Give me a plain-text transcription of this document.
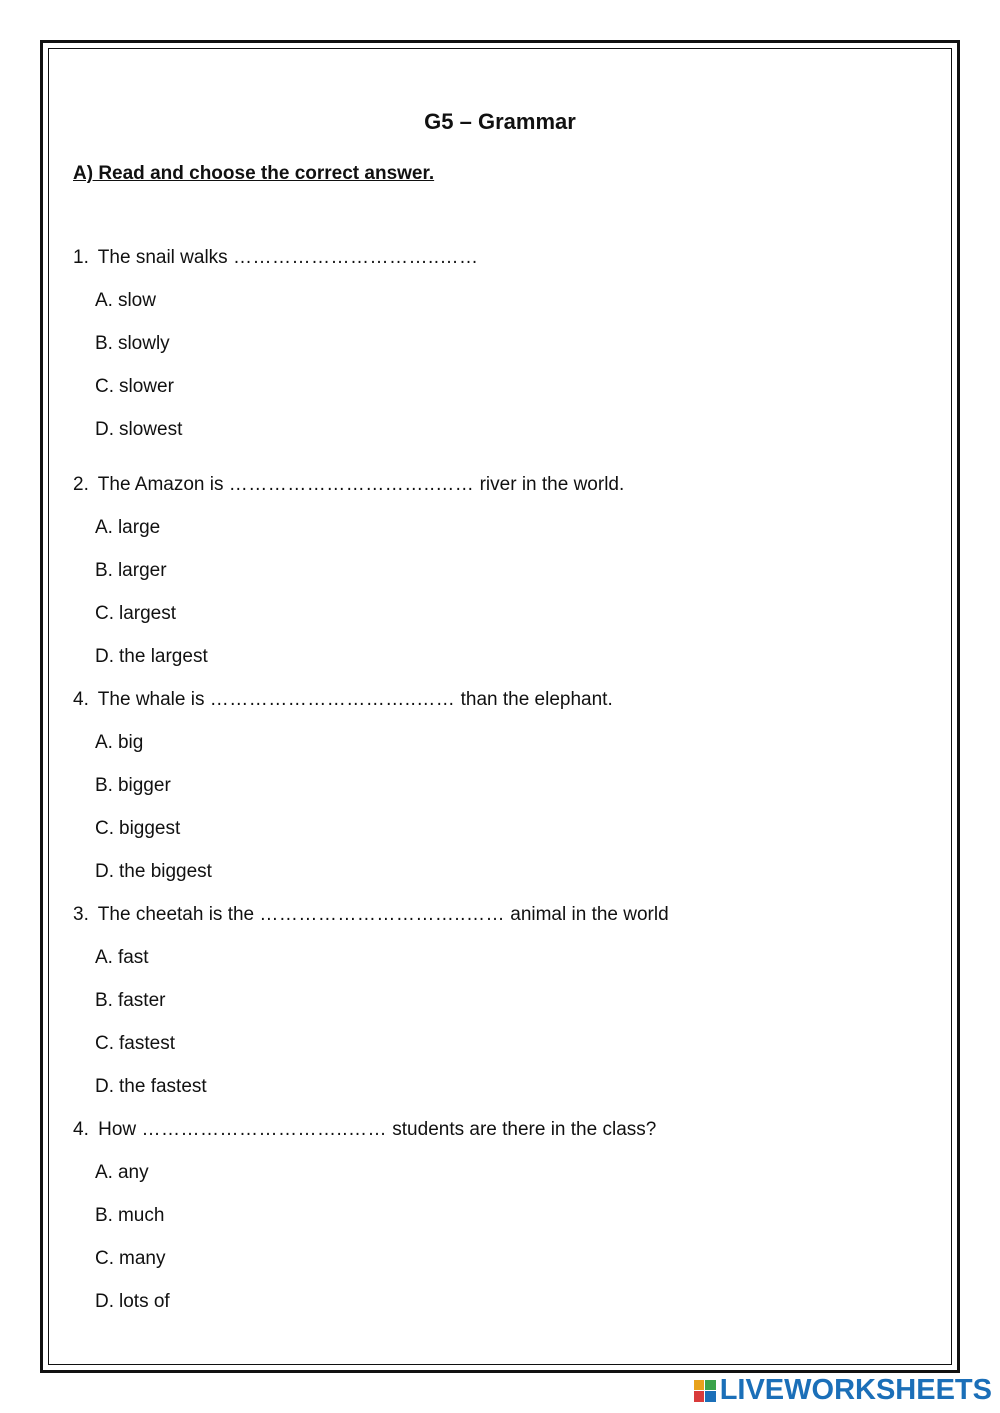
G5 – Grammar
A) Read and choose the correct answer.
1. The snail walks …………………………..……
A. slow
B. slowly
C. slower
D. slowest
2. The Amazon is …………………………..…… river in the world.
A. large
B. larger
C. largest
D. the largest
4. The whale is …………………………..…… than the elephant.
A. big
B. bigger
C. biggest
D. the biggest
3. The cheetah is the …………………………..…… animal in the world
A. fast
B. faster
C. fastest
D. the fastest
4. How …………………………..…… students are there in the class?
A. any
B. much
C. many
D. lots of
LIVEWORKSHEETS
